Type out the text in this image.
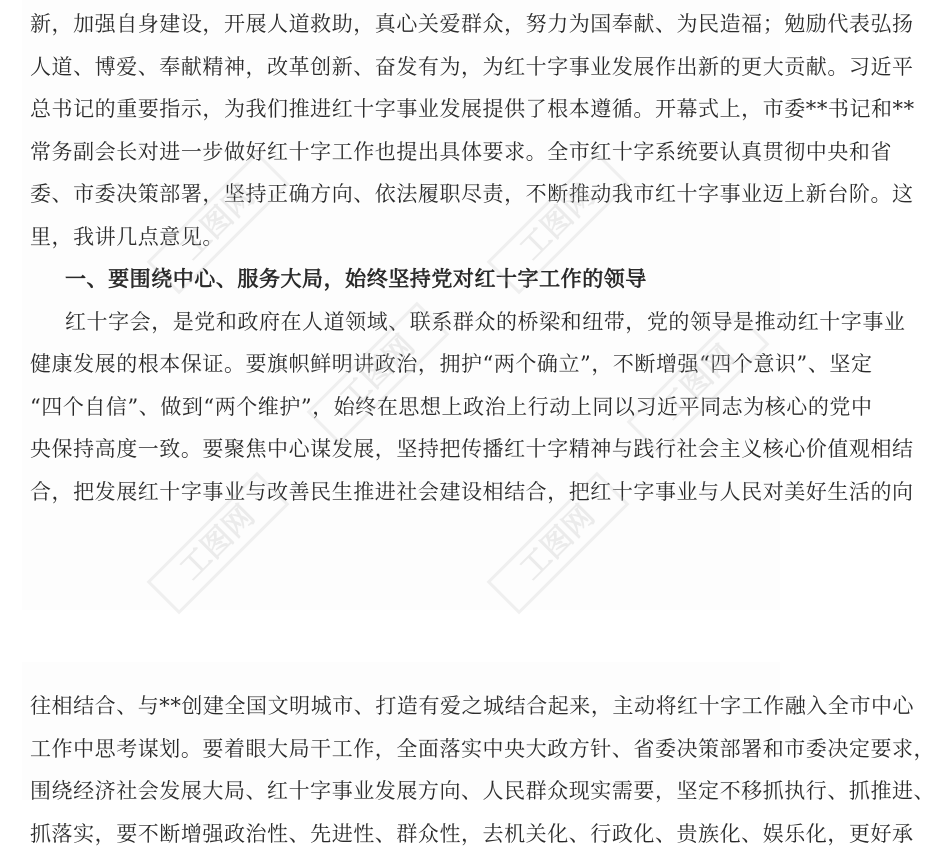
新，加强自身建设，开展人道救助，真心关爱群众，努力为国奉献、为民造福；勉励代表弘扬
人道、博爱、奉献精神，改革创新、奋发有为，为红十字事业发展作出新的更大贡献。习近平
总书记的重要指示，为我们推进红十字事业发展提供了根本遵循。开幕式上，市委**书记和**
常务副会长对进一步做好红十字工作也提出具体要求。全市红十字系统要认真贯彻中央和省
委、市委决策部署，坚持正确方向、依法履职尽责，不断推动我市红十字事业迈上新台阶。这
里，我讲几点意见。
一、要围绕中心、服务大局，始终坚持党对红十字工作的领导
红十字会，是党和政府在人道领域、联系群众的桥梁和纽带，党的领导是推动红十字事业
健康发展的根本保证。要旗帜鲜明讲政治，拥护“两个确立”，不断增强“四个意识”、坚定
“四个自信”、做到“两个维护”，始终在思想上政治上行动上同以习近平同志为核心的党中
央保持高度一致。要聚焦中心谋发展，坚持把传播红十字精神与践行社会主义核心价值观相结
合，把发展红十字事业与改善民生推进社会建设相结合，把红十字事业与人民对美好生活的向
往相结合、与**创建全国文明城市、打造有爱之城结合起来，主动将红十字工作融入全市中心
工作中思考谋划。要着眼大局干工作，全面落实中央大政方针、省委决策部署和市委决定要求，
围绕经济社会发展大局、红十字事业发展方向、人民群众现实需要，坚定不移抓执行、抓推进、
抓落实，要不断增强政治性、先进性、群众性，去机关化、行政化、贵族化、娱乐化，更好承
工图网	工图网
工图网	工图网
工图网	工图网
